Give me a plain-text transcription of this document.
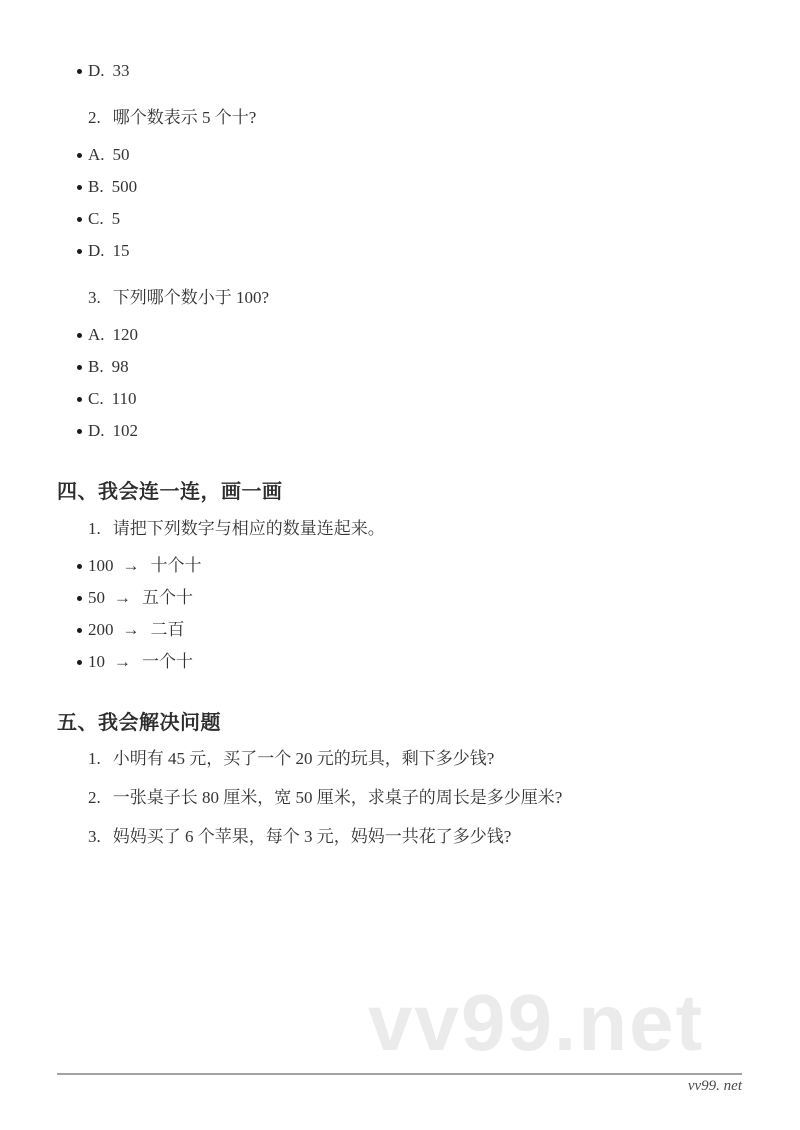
D. 33

2. 哪个数表示 5 个十?

A. 50
B. 500
C. 5
D. 15

3. 下列哪个数小于 100?

A. 120
B. 98
C. 110
D. 102
四、我会连一连，画一画

1. 请把下列数字与相应的数量连起来。

100 → 十个十
50 → 五个十
200 → 二百
10 → 一个十
五、我会解决问题

1. 小明有 45 元，买了一个 20 元的玩具，剩下多少钱?

2. 一张桌子长 80 厘米，宽 50 厘米，求桌子的周长是多少厘米?

3. 妈妈买了 6 个苹果，每个 3 元，妈妈一共花了多少钱?

vv99.net
vv99. net
